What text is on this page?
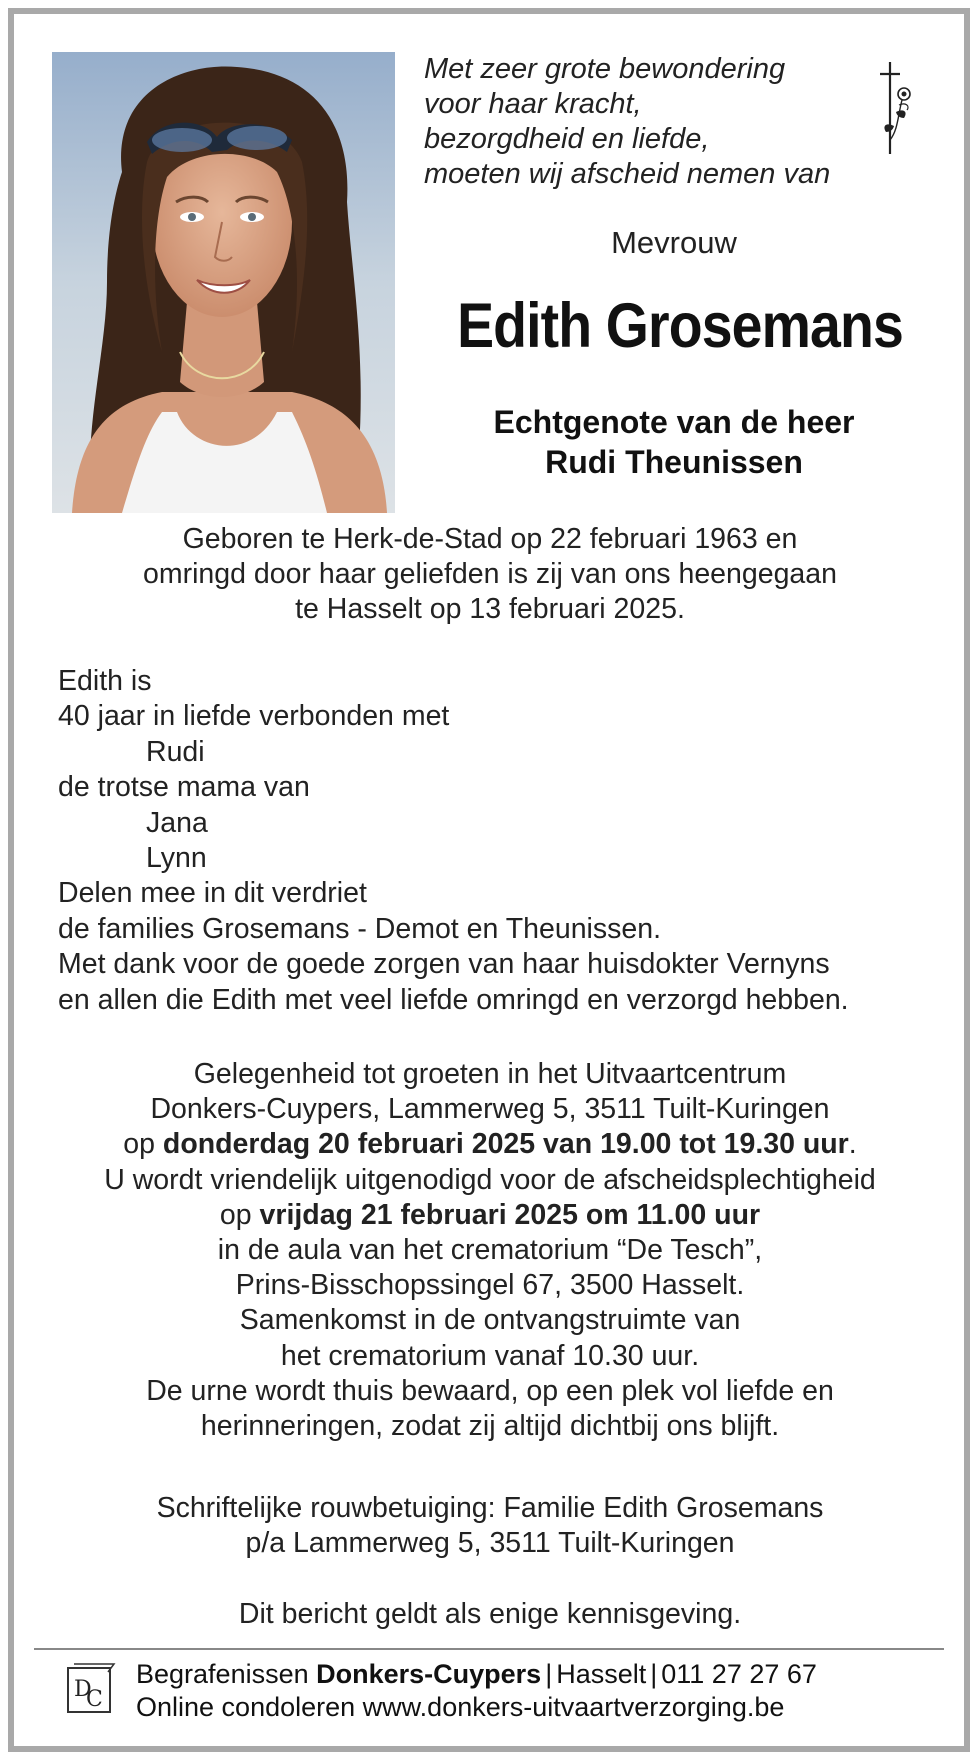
Met zeer grote bewondering
voor haar kracht,
bezorgdheid en liefde,
moeten wij afscheid nemen van
Mevrouw
Edith Grosemans
Echtgenote van de heer
Rudi Theunissen
Geboren te Herk-de-Stad op 22 februari 1963 en
omringd door haar geliefden is zij van ons heengegaan
te Hasselt op 13 februari 2025.
Edith is
40 jaar in liefde verbonden met
Rudi
de trotse mama van
Jana
Lynn
Delen mee in dit verdriet
de families Grosemans - Demot en Theunissen.
Met dank voor de goede zorgen van haar huisdokter Vernyns
en allen die Edith met veel liefde omringd en verzorgd hebben.
Gelegenheid tot groeten in het Uitvaartcentrum
Donkers-Cuypers, Lammerweg 5, 3511 Tuilt-Kuringen
op donderdag 20 februari 2025 van 19.00 tot 19.30 uur.
U wordt vriendelijk uitgenodigd voor de afscheidsplechtigheid
op vrijdag 21 februari 2025 om 11.00 uur
in de aula van het crematorium “De Tesch”,
Prins-Bisschopssingel 67, 3500 Hasselt.
Samenkomst in de ontvangstruimte van
het crematorium vanaf 10.30 uur.
De urne wordt thuis bewaard, op een plek vol liefde en
herinneringen, zodat zij altijd dichtbij ons blijft.
Schriftelijke rouwbetuiging: Familie Edith Grosemans
p/a Lammerweg 5, 3511 Tuilt-Kuringen
Dit bericht geldt als enige kennisgeving.
D
C
Begrafenissen Donkers-Cuypers | Hasselt | 011 27 27 67
Online condoleren www.donkers-uitvaartverzorging.be
